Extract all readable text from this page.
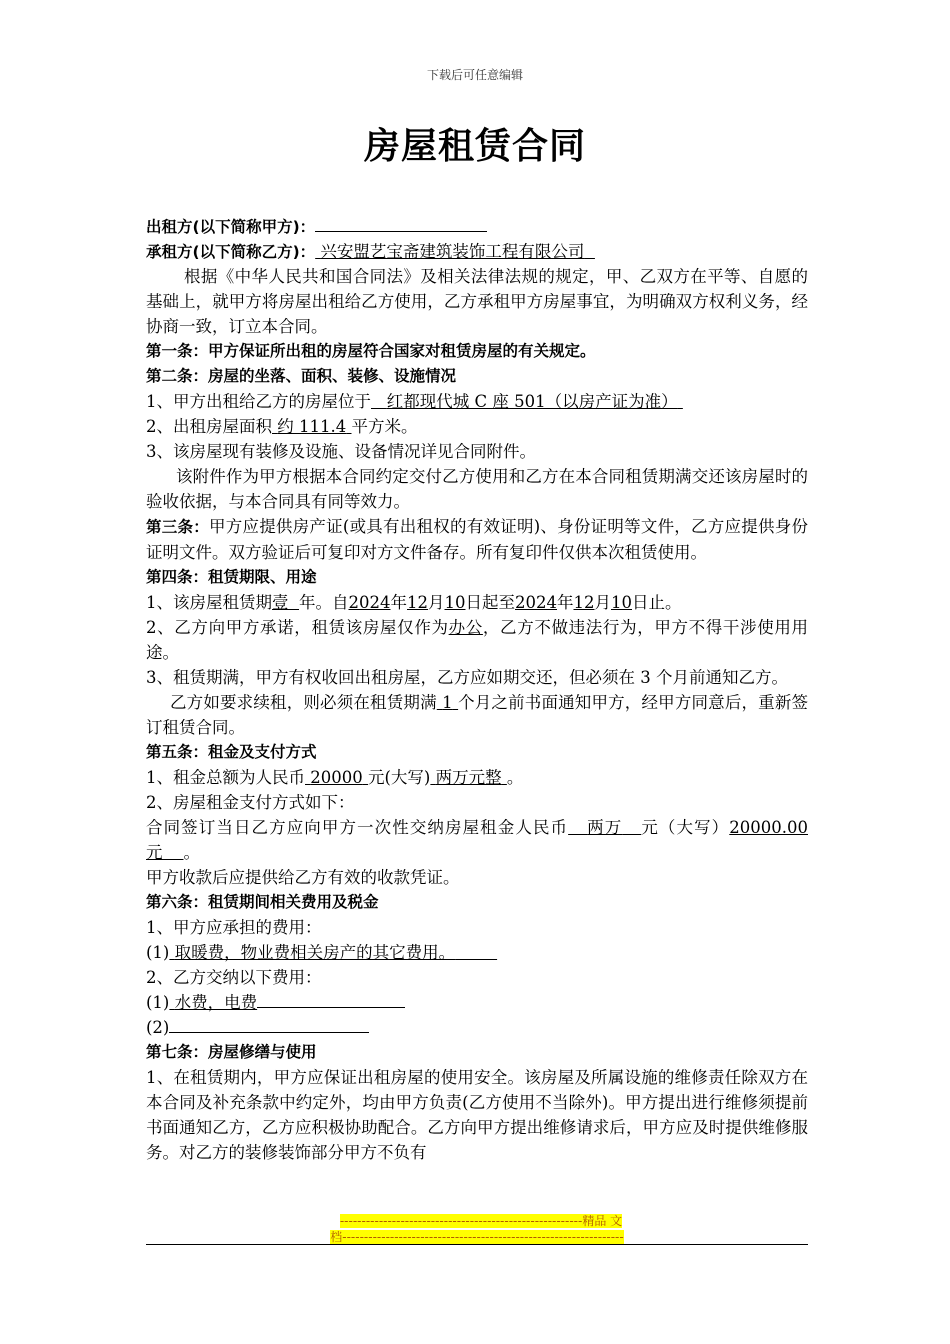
下载后可任意编辑
房屋租赁合同
出租方(以下简称甲方)：
承租方(以下简称乙方)： 兴安盟艺宝斋建筑装饰工程有限公司
根据《中华人民共和国合同法》及相关法律法规的规定，甲、乙双方在平等、自愿的基础上，就甲方将房屋出租给乙方使用，乙方承租甲方房屋事宜，为明确双方权利义务，经协商一致，订立本合同。
第一条：甲方保证所出租的房屋符合国家对租赁房屋的有关规定。
第二条：房屋的坐落、面积、装修、设施情况
1、甲方出租给乙方的房屋位于 红都现代城 C 座 501（以房产证为准）
2、出租房屋面积 约 111.4 平方米。
3、该房屋现有装修及设施、设备情况详见合同附件。
该附件作为甲方根据本合同约定交付乙方使用和乙方在本合同租赁期满交还该房屋时的验收依据，与本合同具有同等效力。
第三条：甲方应提供房产证(或具有出租权的有效证明)、身份证明等文件，乙方应提供身份证明文件。双方验证后可复印对方文件备存。所有复印件仅供本次租赁使用。
第四条：租赁期限、用途
1、该房屋租赁期壹 年。自2024年12月10日起至2024年12月10日止。
2、乙方向甲方承诺，租赁该房屋仅作为办公，乙方不做违法行为，甲方不得干涉使用用途。
3、租赁期满，甲方有权收回出租房屋，乙方应如期交还，但必须在 3 个月前通知乙方。
乙方如要求续租，则必须在租赁期满 1 个月之前书面通知甲方，经甲方同意后，重新签订租赁合同。
第五条：租金及支付方式
1、租金总额为人民币 20000 元(大写) 两万元整 。
2、房屋租金支付方式如下：
合同签订当日乙方应向甲方一次性交纳房屋租金人民币 两万 元（大写）20000.00 元 。
甲方收款后应提供给乙方有效的收款凭证。
第六条：租赁期间相关费用及税金
1、甲方应承担的费用：
(1) 取暖费，物业费相关房产的其它费用。
2、乙方交纳以下费用：
(1) 水费，电费
(2)
第七条：房屋修缮与使用
1、在租赁期内，甲方应保证出租房屋的使用安全。该房屋及所属设施的维修责任除双方在本合同及补充条款中约定外，均由甲方负责(乙方使用不当除外)。甲方提出进行维修须提前书面通知乙方，乙方应积极协助配合。乙方向甲方提出维修请求后，甲方应及时提供维修服务。对乙方的装修装饰部分甲方不负有
--------------------------------------------------------精品 文
档-----------------------------------------------------------------
